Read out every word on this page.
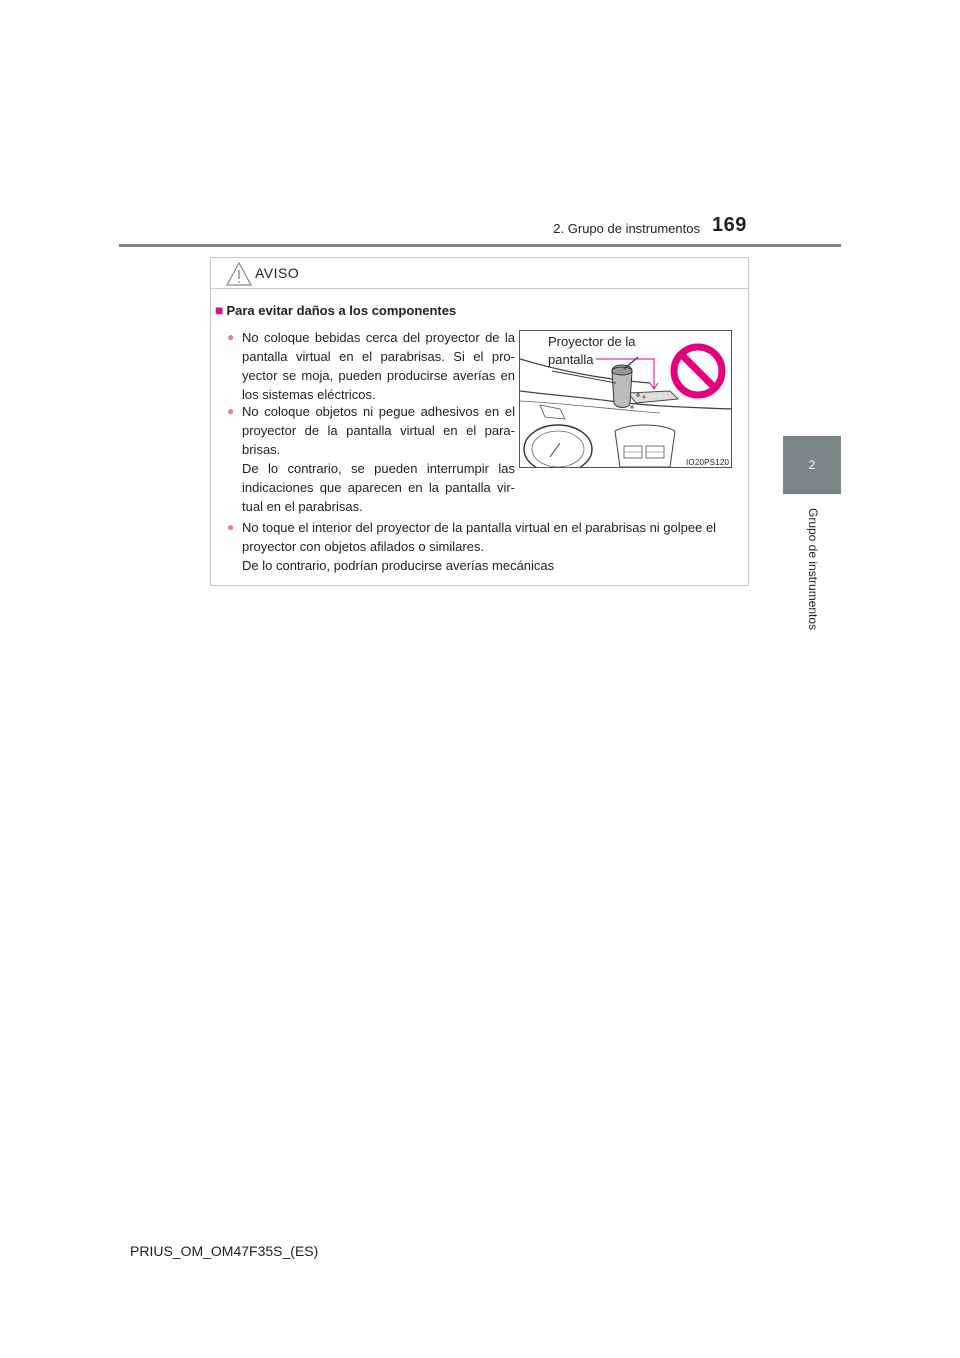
2. Grupo de instrumentos 169
2
Grupo de instrumentos
AVISO
■ Para evitar daños a los componentes
● No coloque bebidas cerca del proyector de la pantalla virtual en el parabrisas. Si el pro-yector se moja, pueden producirse averías en los sistemas eléctricos.
● No coloque objetos ni pegue adhesivos en el proyector de la pantalla virtual en el para-brisas.
De lo contrario, se pueden interrumpir las indicaciones que aparecen en la pantalla vir-tual en el parabrisas.
● No toque el interior del proyector de la pantalla virtual en el parabrisas ni golpee el proyector con objetos afilados o similares.
De lo contrario, podrían producirse averías mecánicas
Proyector de la
pantalla
IO20PS120
PRIUS_OM_OM47F35S_(ES)
